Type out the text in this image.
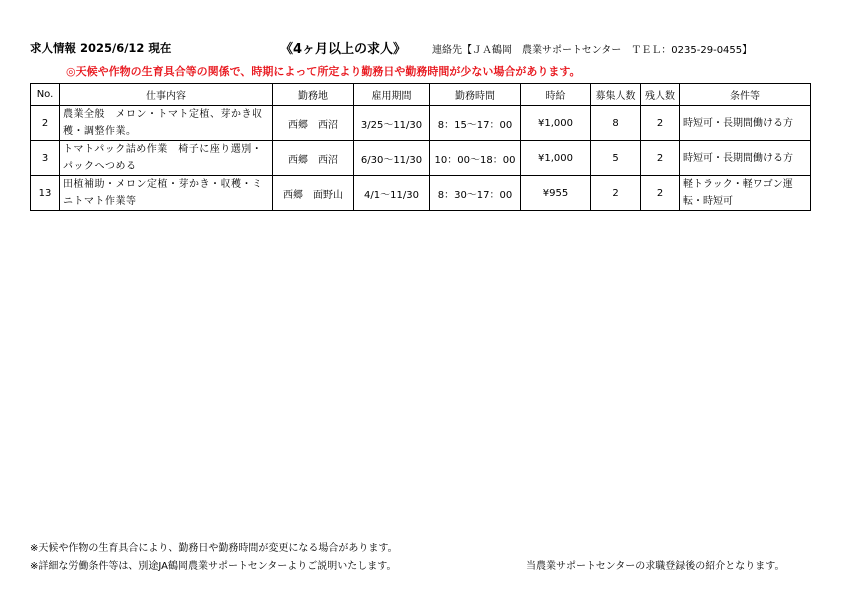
求人情報 2025/6/12 現在	《4ヶ月以上の求人》	連絡先【ＪＡ鶴岡　農業サポートセンター　ＴＥＬ：0235-29-0455】
◎天候や作物の生育具合等の関係で、時期によって所定より勤務日や勤務時間が少ない場合があります。
No.	仕事内容	勤務地	雇用期間	勤務時間	時給	募集人数	残人数	条件等
2	農業全般　メロン・トマト定植、芽かき収穫・調整作業。	西郷　西沼	3/25～11/30	8：15～17：00	¥1,000	8	2	時短可・長期間働ける方
3	トマトパック詰め作業　椅子に座り選別・パックへつめる	西郷　西沼	6/30～11/30	10：00～18：00	¥1,000	5	2	時短可・長期間働ける方
13	田植補助・メロン定植・芽かき・収穫・ミニトマト作業等	西郷　面野山	4/1～11/30	8：30～17：00	¥955	2	2	軽トラック・軽ワゴン運転・時短可
※天候や作物の生育具合により、勤務日や勤務時間が変更になる場合があります。
※詳細な労働条件等は、別途JA鶴岡農業サポートセンターよりご説明いたします。	当農業サポートセンターの求職登録後の紹介となります。
